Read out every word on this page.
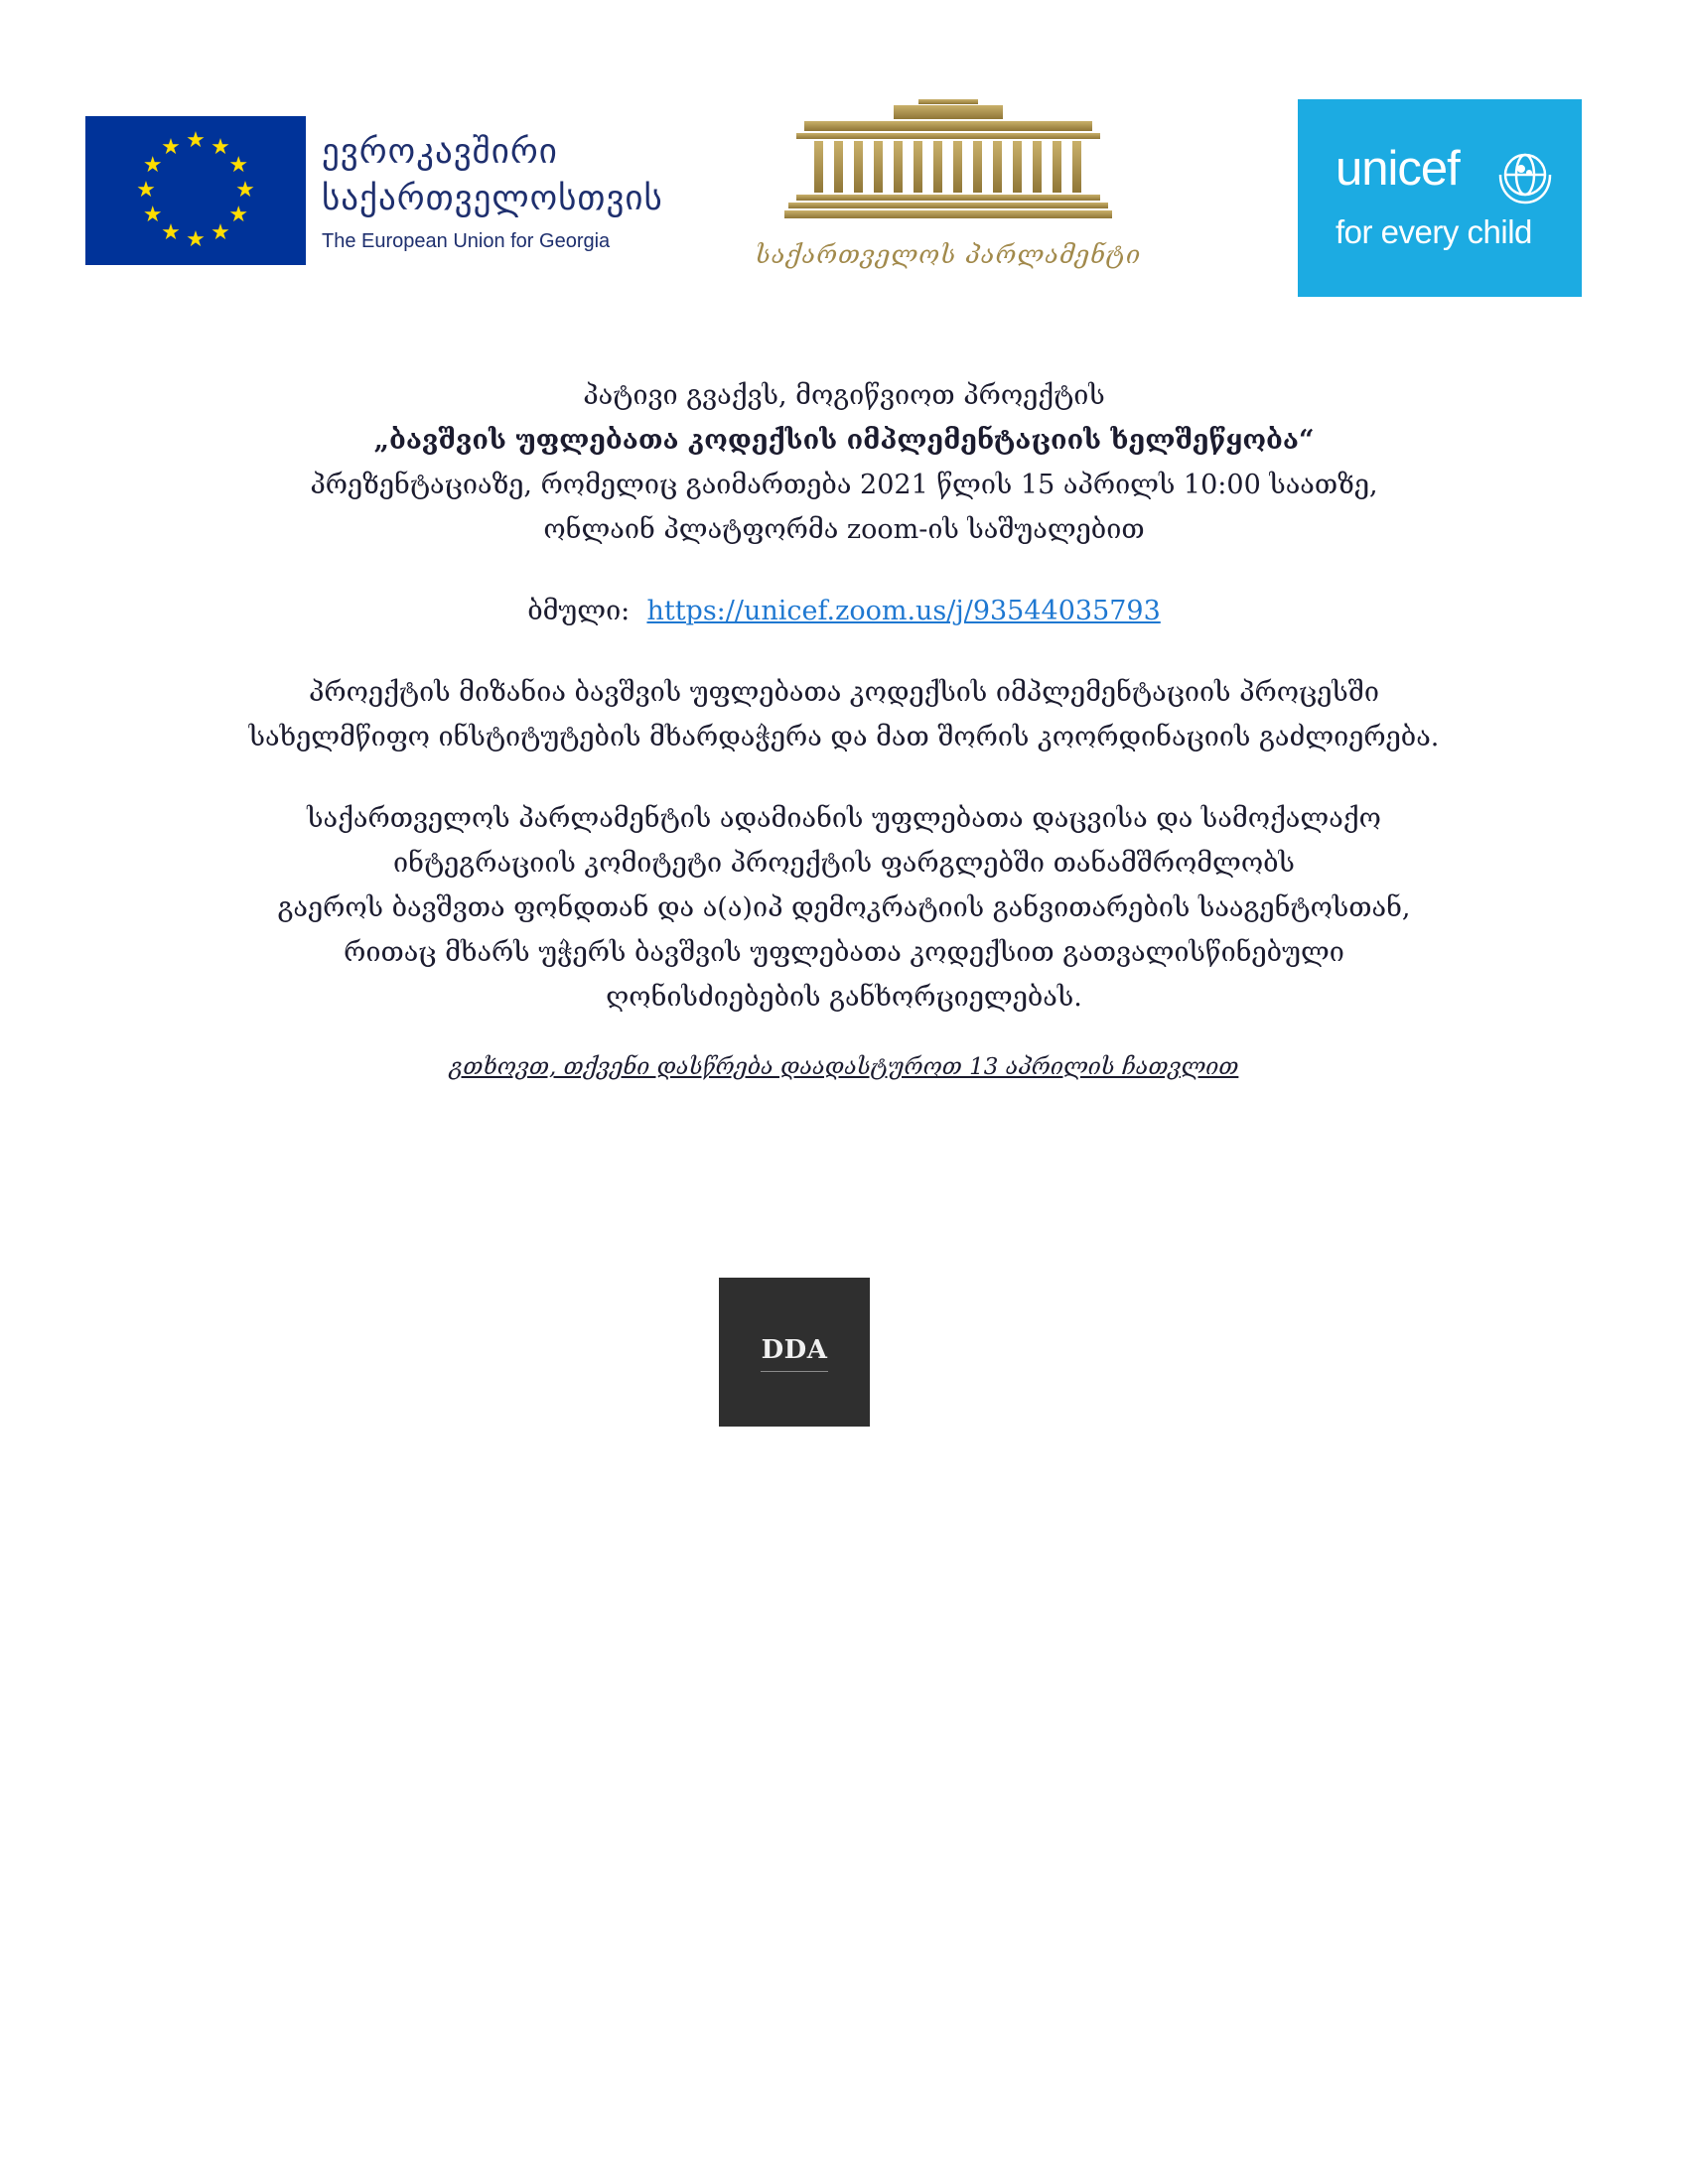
★ ★
★
★
★
★
★
★
★
★
★
★	ევროკავშირი
საქართველოსთვის
The European Union for Georgia	საქართველოს პარლამენტი
unicef
for every child
პატივი გვაქვს, მოგიწვიოთ პროექტის
„ბავშვის უფლებათა კოდექსის იმპლემენტაციის ხელშეწყობა“
პრეზენტაციაზე, რომელიც გაიმართება 2021 წლის 15 აპრილს 10:00 საათზე,
ონლაინ პლატფორმა zoom-ის საშუალებით
ბმული: https://unicef.zoom.us/j/93544035793
პროექტის მიზანია ბავშვის უფლებათა კოდექსის იმპლემენტაციის პროცესში
სახელმწიფო ინსტიტუტების მხარდაჭერა და მათ შორის კოორდინაციის გაძლიერება.
საქართველოს პარლამენტის ადამიანის უფლებათა დაცვისა და სამოქალაქო
ინტეგრაციის კომიტეტი პროექტის ფარგლებში თანამშრომლობს
გაეროს ბავშვთა ფონდთან და ა(ა)იპ დემოკრატიის განვითარების სააგენტოსთან,
რითაც მხარს უჭერს ბავშვის უფლებათა კოდექსით გათვალისწინებული
ღონისძიებების განხორციელებას.
გთხოვთ, თქვენი დასწრება დაადასტუროთ 13 აპრილის ჩათვლით
DDA
